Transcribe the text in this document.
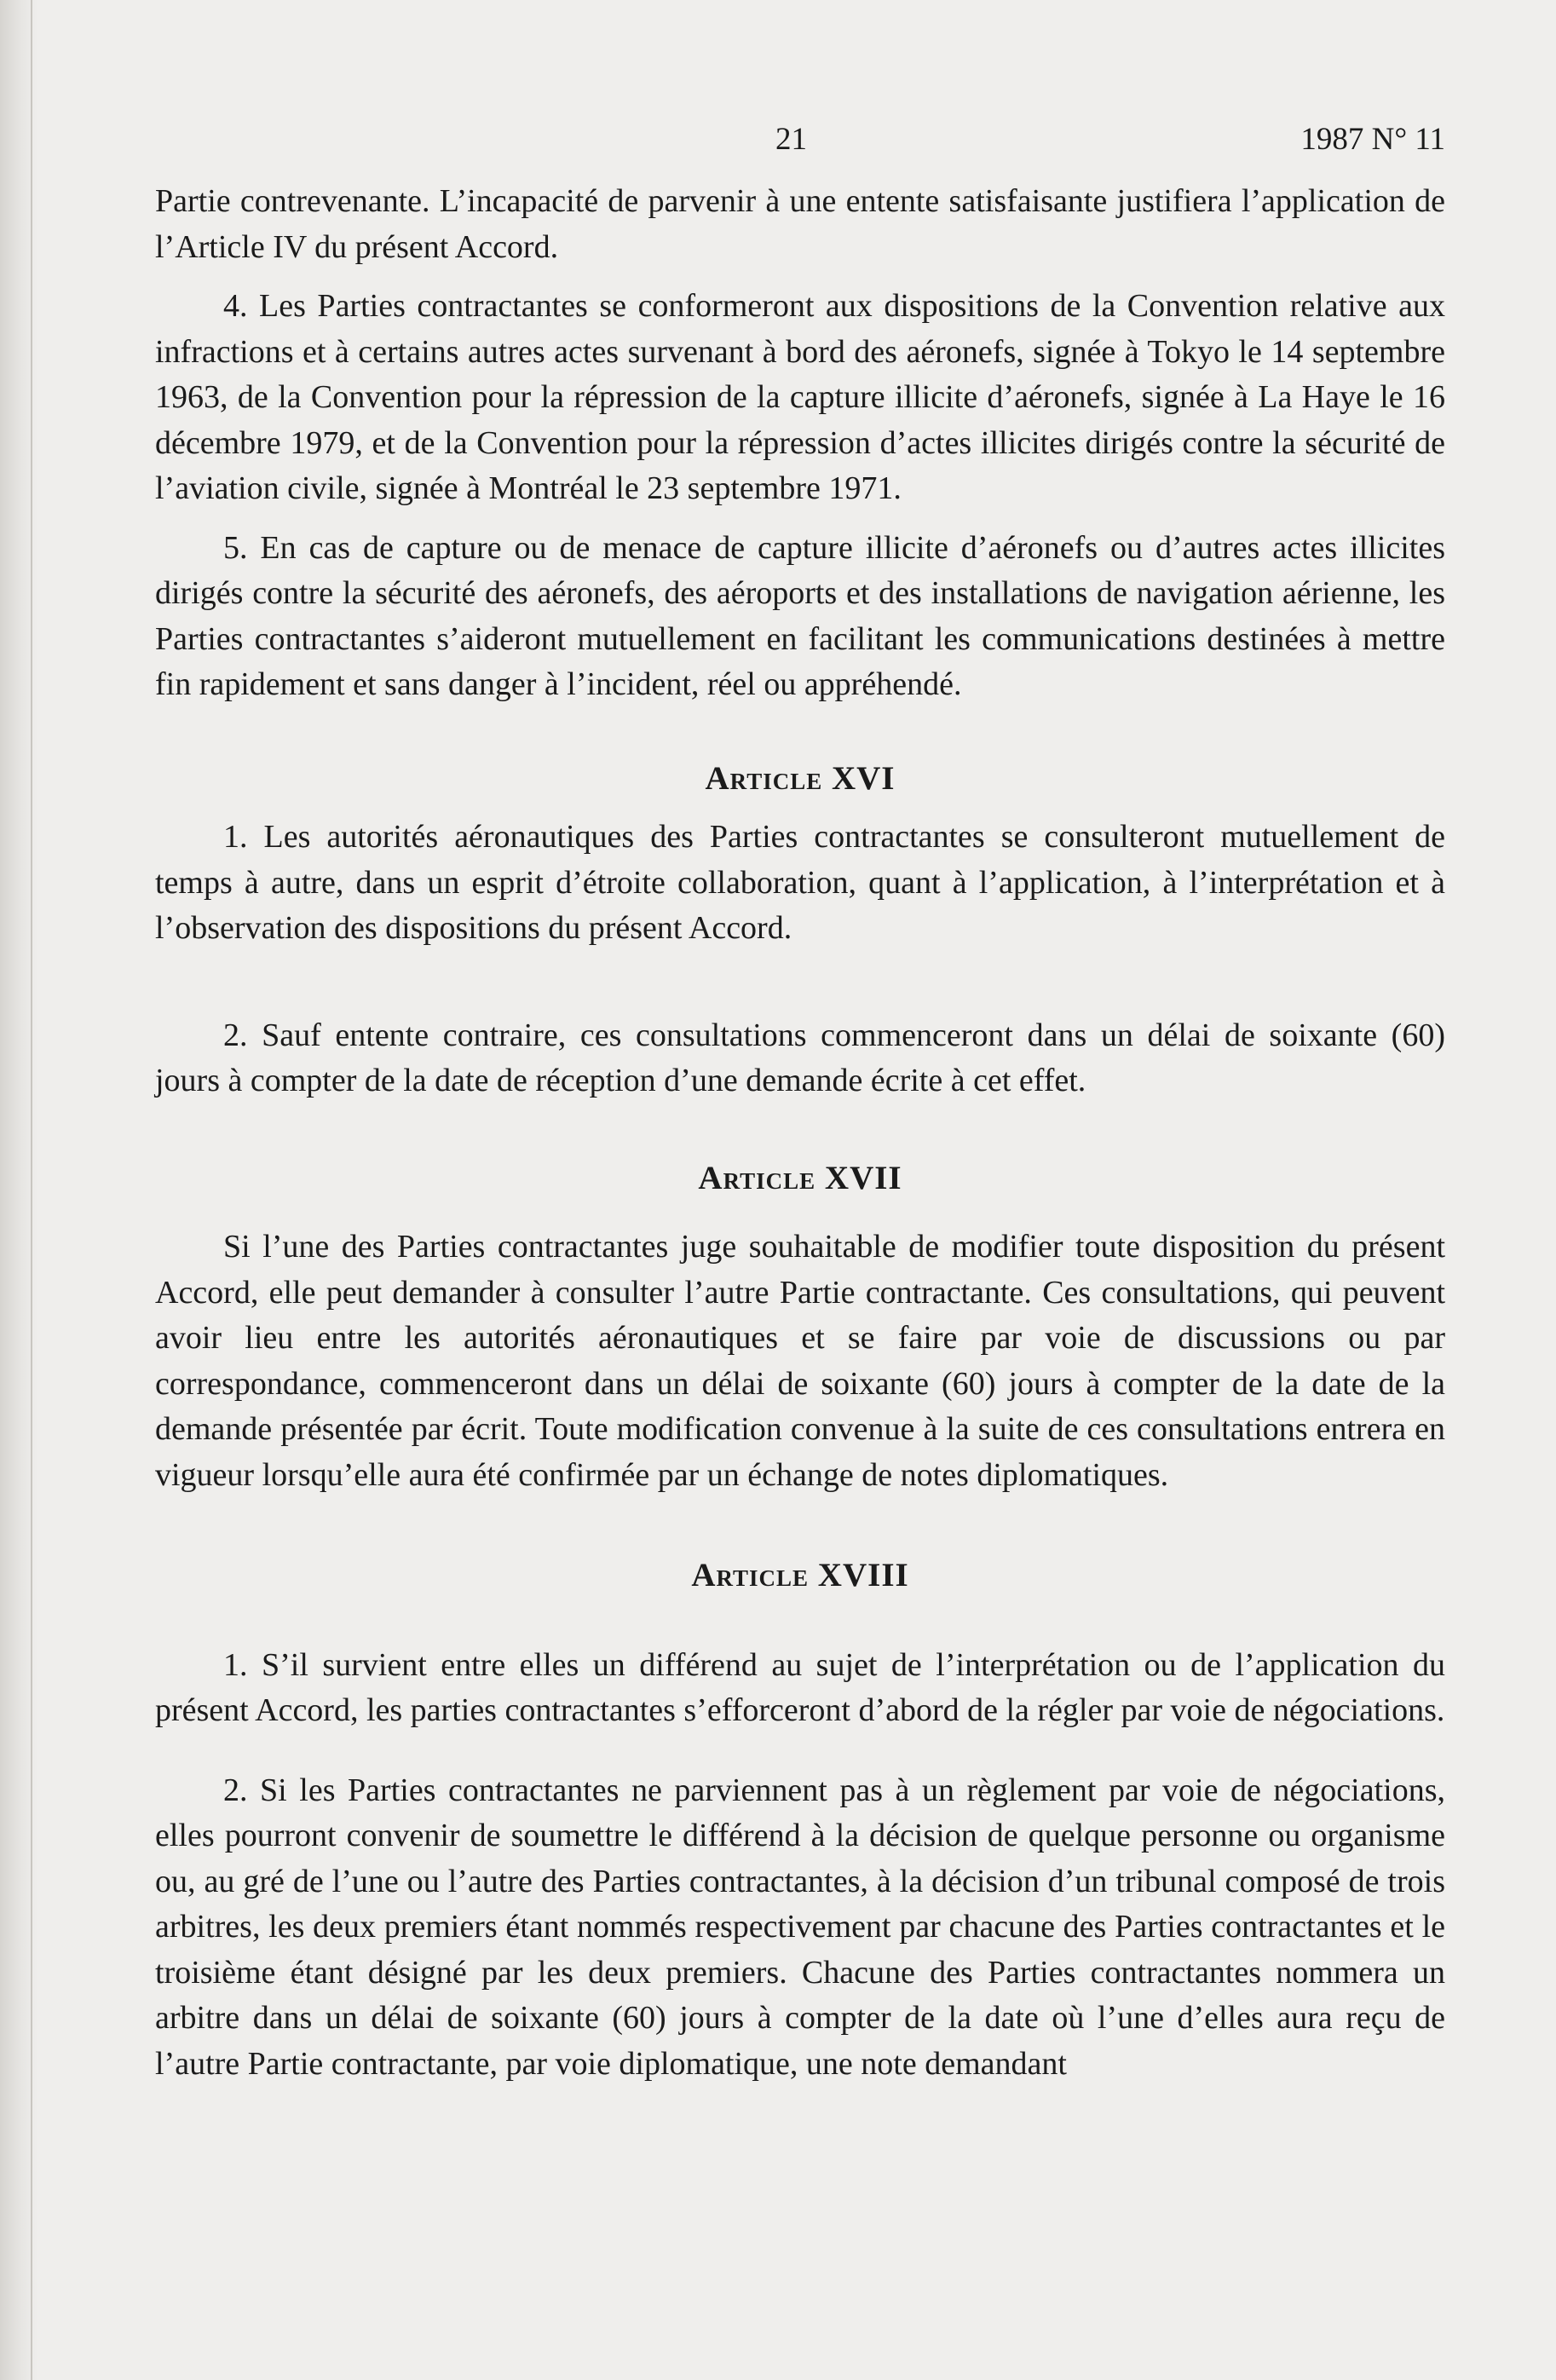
21	1987 N° 11

Partie contrevenante. L’incapacité de parvenir à une entente satisfaisante justifiera l’application de l’Article IV du présent Accord.

4. Les Parties contractantes se conformeront aux dispositions de la Convention relative aux infractions et à certains autres actes survenant à bord des aéronefs, signée à Tokyo le 14 septembre 1963, de la Convention pour la répression de la capture illicite d’aéronefs, signée à La Haye le 16 décembre 1979, et de la Convention pour la répression d’actes illicites dirigés contre la sécurité de l’aviation civile, signée à Montréal le 23 septembre 1971.

5. En cas de capture ou de menace de capture illicite d’aéronefs ou d’autres actes illicites dirigés contre la sécurité des aéronefs, des aéroports et des installations de navigation aérienne, les Parties contractantes s’aideront mutuellement en facilitant les communications destinées à mettre fin rapidement et sans danger à l’incident, réel ou appréhendé.

Article XVI

1. Les autorités aéronautiques des Parties contractantes se consulteront mutuellement de temps à autre, dans un esprit d’étroite collaboration, quant à l’application, à l’interprétation et à l’observation des dispositions du présent Accord.

2. Sauf entente contraire, ces consultations commenceront dans un délai de soixante (60) jours à compter de la date de réception d’une demande écrite à cet effet.

Article XVII

Si l’une des Parties contractantes juge souhaitable de modifier toute disposition du présent Accord, elle peut demander à consulter l’autre Partie contractante. Ces consultations, qui peuvent avoir lieu entre les autorités aéronautiques et se faire par voie de discussions ou par correspondance, commenceront dans un délai de soixante (60) jours à compter de la date de la demande présentée par écrit. Toute modification convenue à la suite de ces consultations entrera en vigueur lorsqu’elle aura été confirmée par un échange de notes diplomatiques.

Article XVIII

1. S’il survient entre elles un différend au sujet de l’interprétation ou de l’application du présent Accord, les parties contractantes s’efforceront d’abord de la régler par voie de négociations.

2. Si les Parties contractantes ne parviennent pas à un règlement par voie de négociations, elles pourront convenir de soumettre le différend à la décision de quelque personne ou organisme ou, au gré de l’une ou l’autre des Parties contractantes, à la décision d’un tribunal composé de trois arbitres, les deux premiers étant nommés respectivement par chacune des Parties contractantes et le troisième étant désigné par les deux premiers. Chacune des Parties contractantes nommera un arbitre dans un délai de soixante (60) jours à compter de la date où l’une d’elles aura reçu de l’autre Partie contractante, par voie diplomatique, une note demandant
